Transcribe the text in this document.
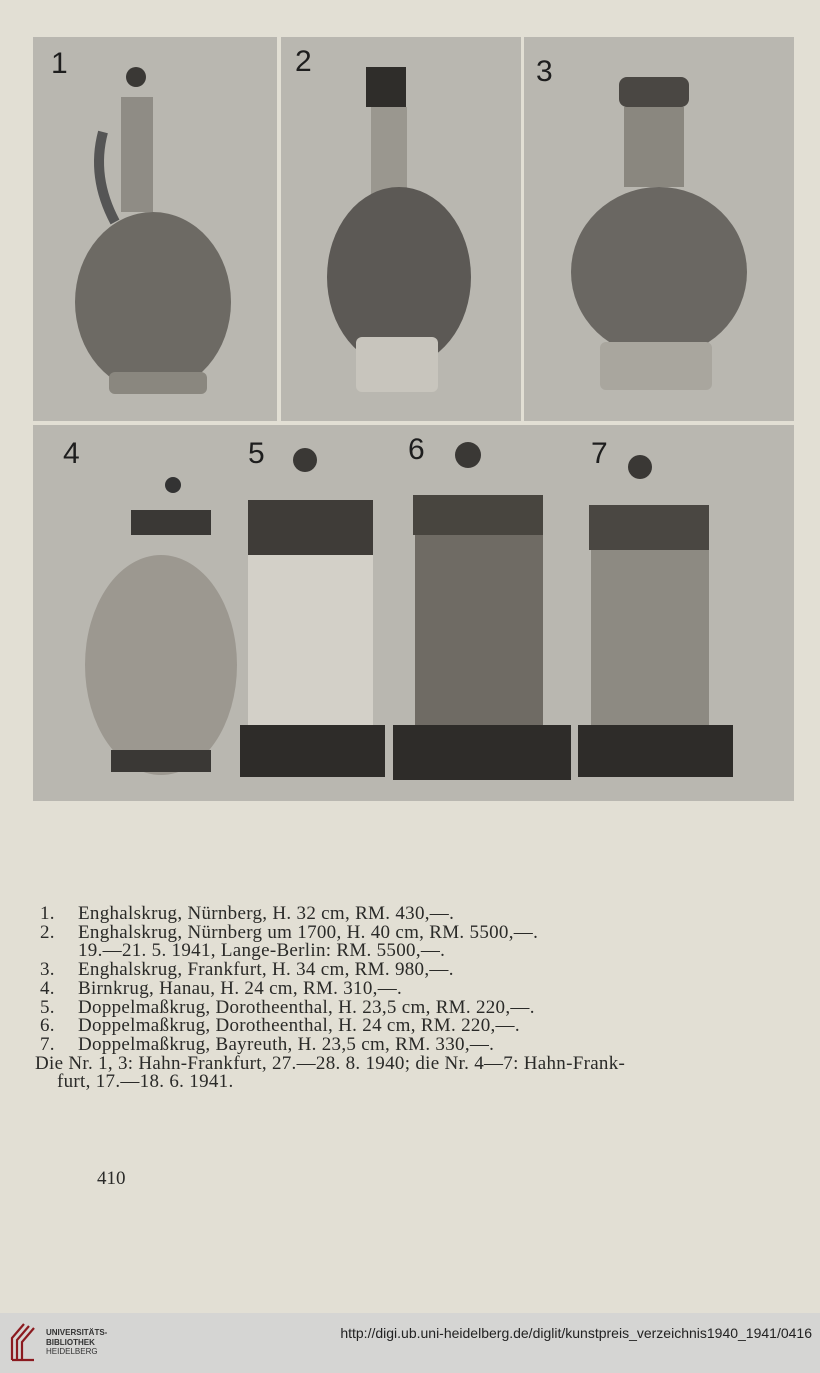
1	2	3
4	5	6	7
1.	Enghalskrug, Nürnberg, H. 32 cm, RM. 430,—.
2.	Enghalskrug, Nürnberg um 1700, H. 40 cm, RM. 5500,—.
19.—21. 5. 1941, Lange-Berlin: RM. 5500,—.
3.	Enghalskrug, Frankfurt, H. 34 cm, RM. 980,—.
4.	Birnkrug, Hanau, H. 24 cm, RM. 310,—.
5.	Doppelmaßkrug, Dorotheenthal, H. 23,5 cm, RM. 220,—.
6.	Doppelmaßkrug, Dorotheenthal, H. 24 cm, RM. 220,—.
7.	Doppelmaßkrug, Bayreuth, H. 23,5 cm, RM. 330,—.
Die Nr. 1, 3: Hahn-Frankfurt, 27.—28. 8. 1940; die Nr. 4—7: Hahn-Frank-
furt, 17.—18. 6. 1941.
410
UNIVERSITÄTS-
BIBLIOTHEK
HEIDELBERG
http://digi.ub.uni-heidelberg.de/diglit/kunstpreis_verzeichnis1940_1941/0416
